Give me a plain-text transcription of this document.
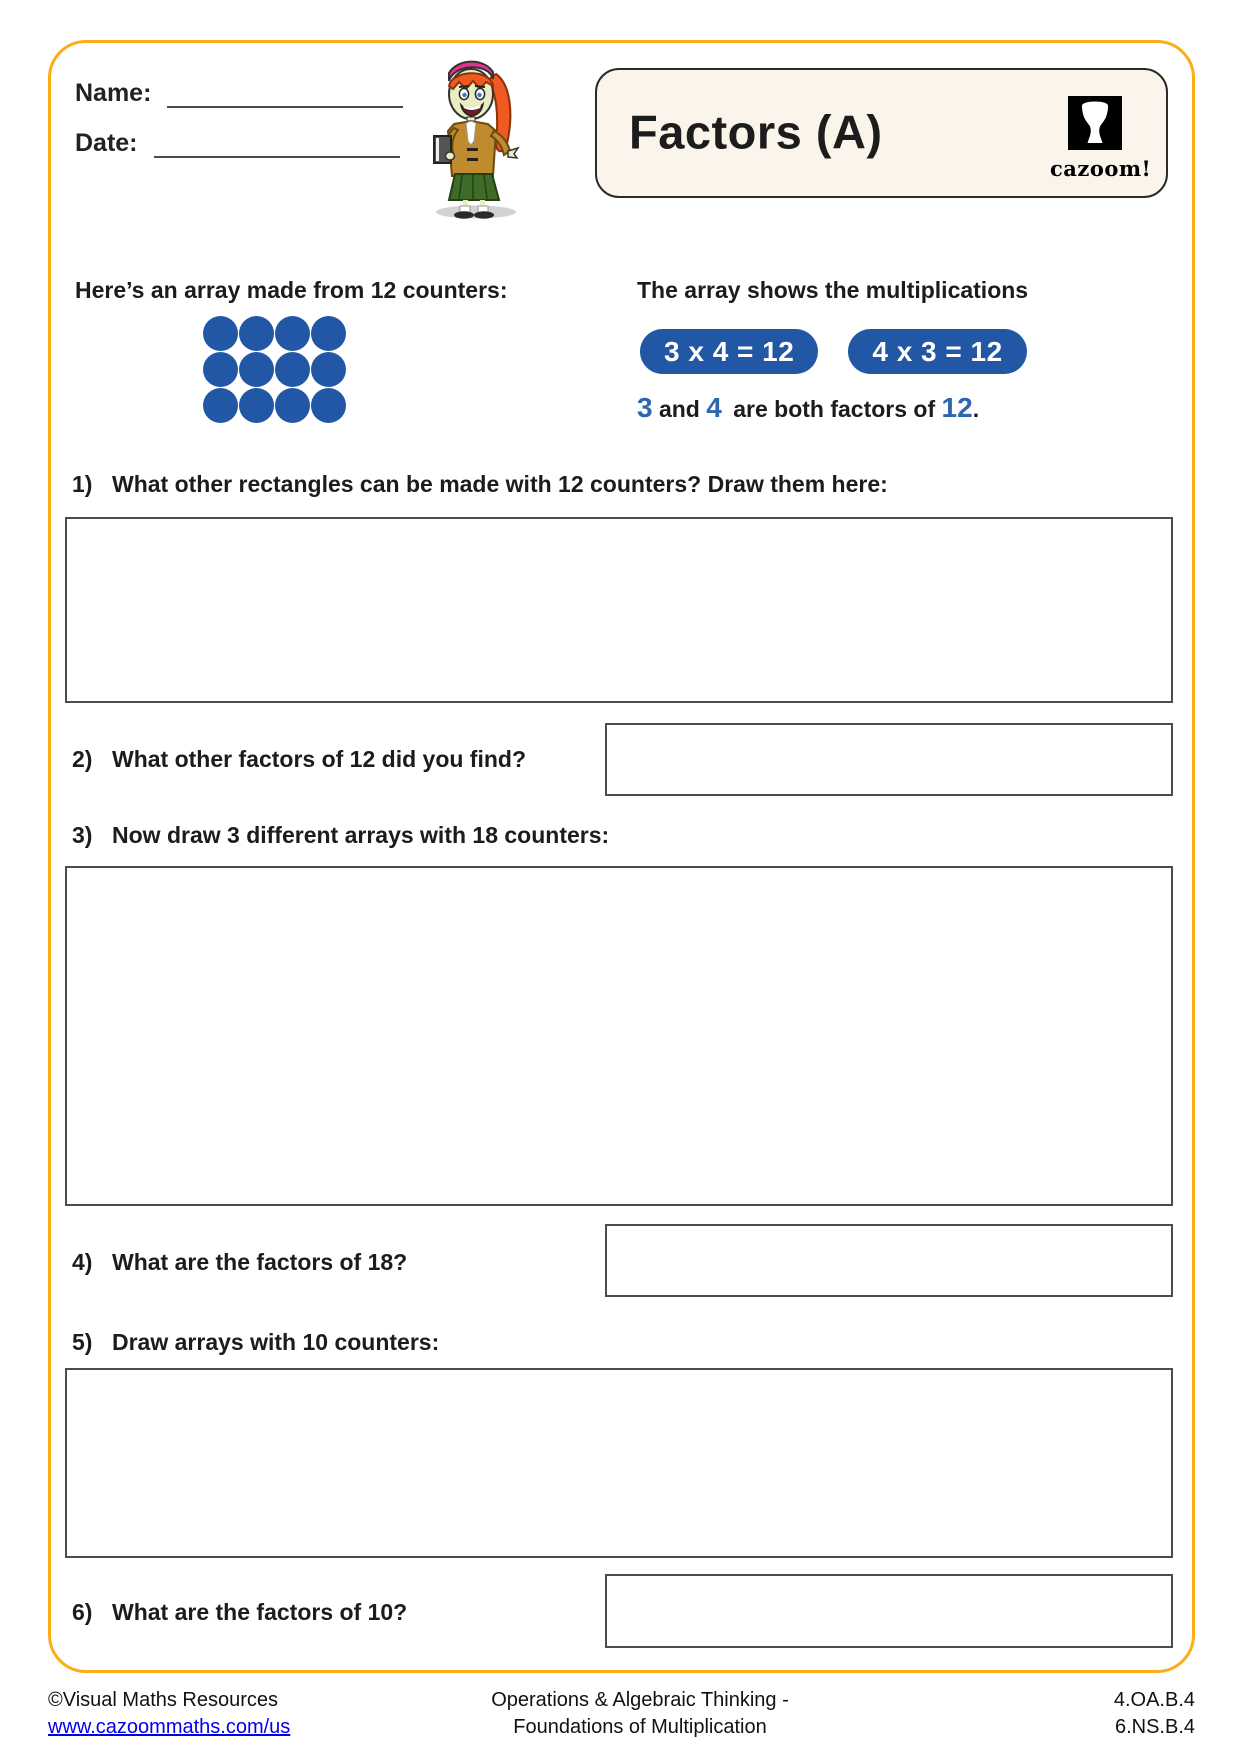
Name:
Date:	Factors (A)
cazoom!
Here’s an array made from 12 counters:	The array shows the multiplications
3 x 4 = 12	4 x 3 = 12
3 and 4 are both factors of 12.
1) What other rectangles can be made with 12 counters? Draw them here:
2) What other factors of 12 did you find?
3) Now draw 3 different arrays with 18 counters:
4) What are the factors of 18?
5) Draw arrays with 10 counters:
6) What are the factors of 10?
©Visual Maths Resources
www.cazoommaths.com/us
Operations & Algebraic Thinking -
Foundations of Multiplication
4.OA.B.4
6.NS.B.4
